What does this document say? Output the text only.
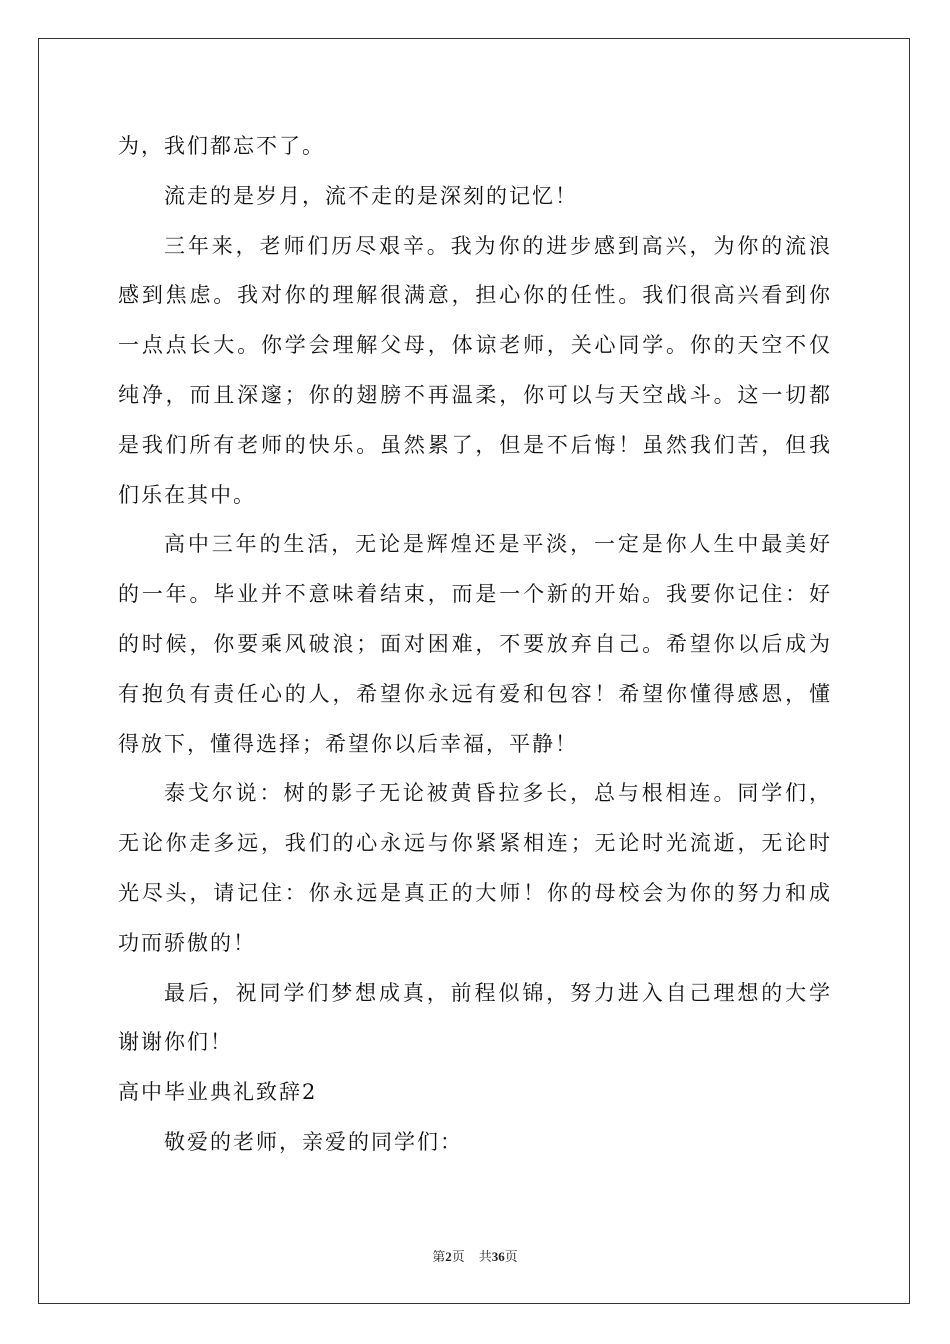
为，我们都忘不了。
流走的是岁月，流不走的是深刻的记忆！
三年来，老师们历尽艰辛。我为你的进步感到高兴，为你的流浪
感到焦虑。我对你的理解很满意，担心你的任性。我们很高兴看到你
一点点长大。你学会理解父母，体谅老师，关心同学。你的天空不仅
纯净，而且深邃；你的翅膀不再温柔，你可以与天空战斗。这一切都
是我们所有老师的快乐。虽然累了，但是不后悔！虽然我们苦，但我
们乐在其中。
高中三年的生活，无论是辉煌还是平淡，一定是你人生中最美好
的一年。毕业并不意味着结束，而是一个新的开始。我要你记住：好
的时候，你要乘风破浪；面对困难，不要放弃自己。希望你以后成为
有抱负有责任心的人，希望你永远有爱和包容！希望你懂得感恩，懂
得放下，懂得选择；希望你以后幸福，平静！
泰戈尔说：树的影子无论被黄昏拉多长，总与根相连。同学们，
无论你走多远，我们的心永远与你紧紧相连；无论时光流逝，无论时
光尽头，请记住：你永远是真正的大师！你的母校会为你的努力和成
功而骄傲的！
最后，祝同学们梦想成真，前程似锦，努力进入自己理想的大学
谢谢你们！
高中毕业典礼致辞2
敬爱的老师，亲爱的同学们：
第2页 共36页
